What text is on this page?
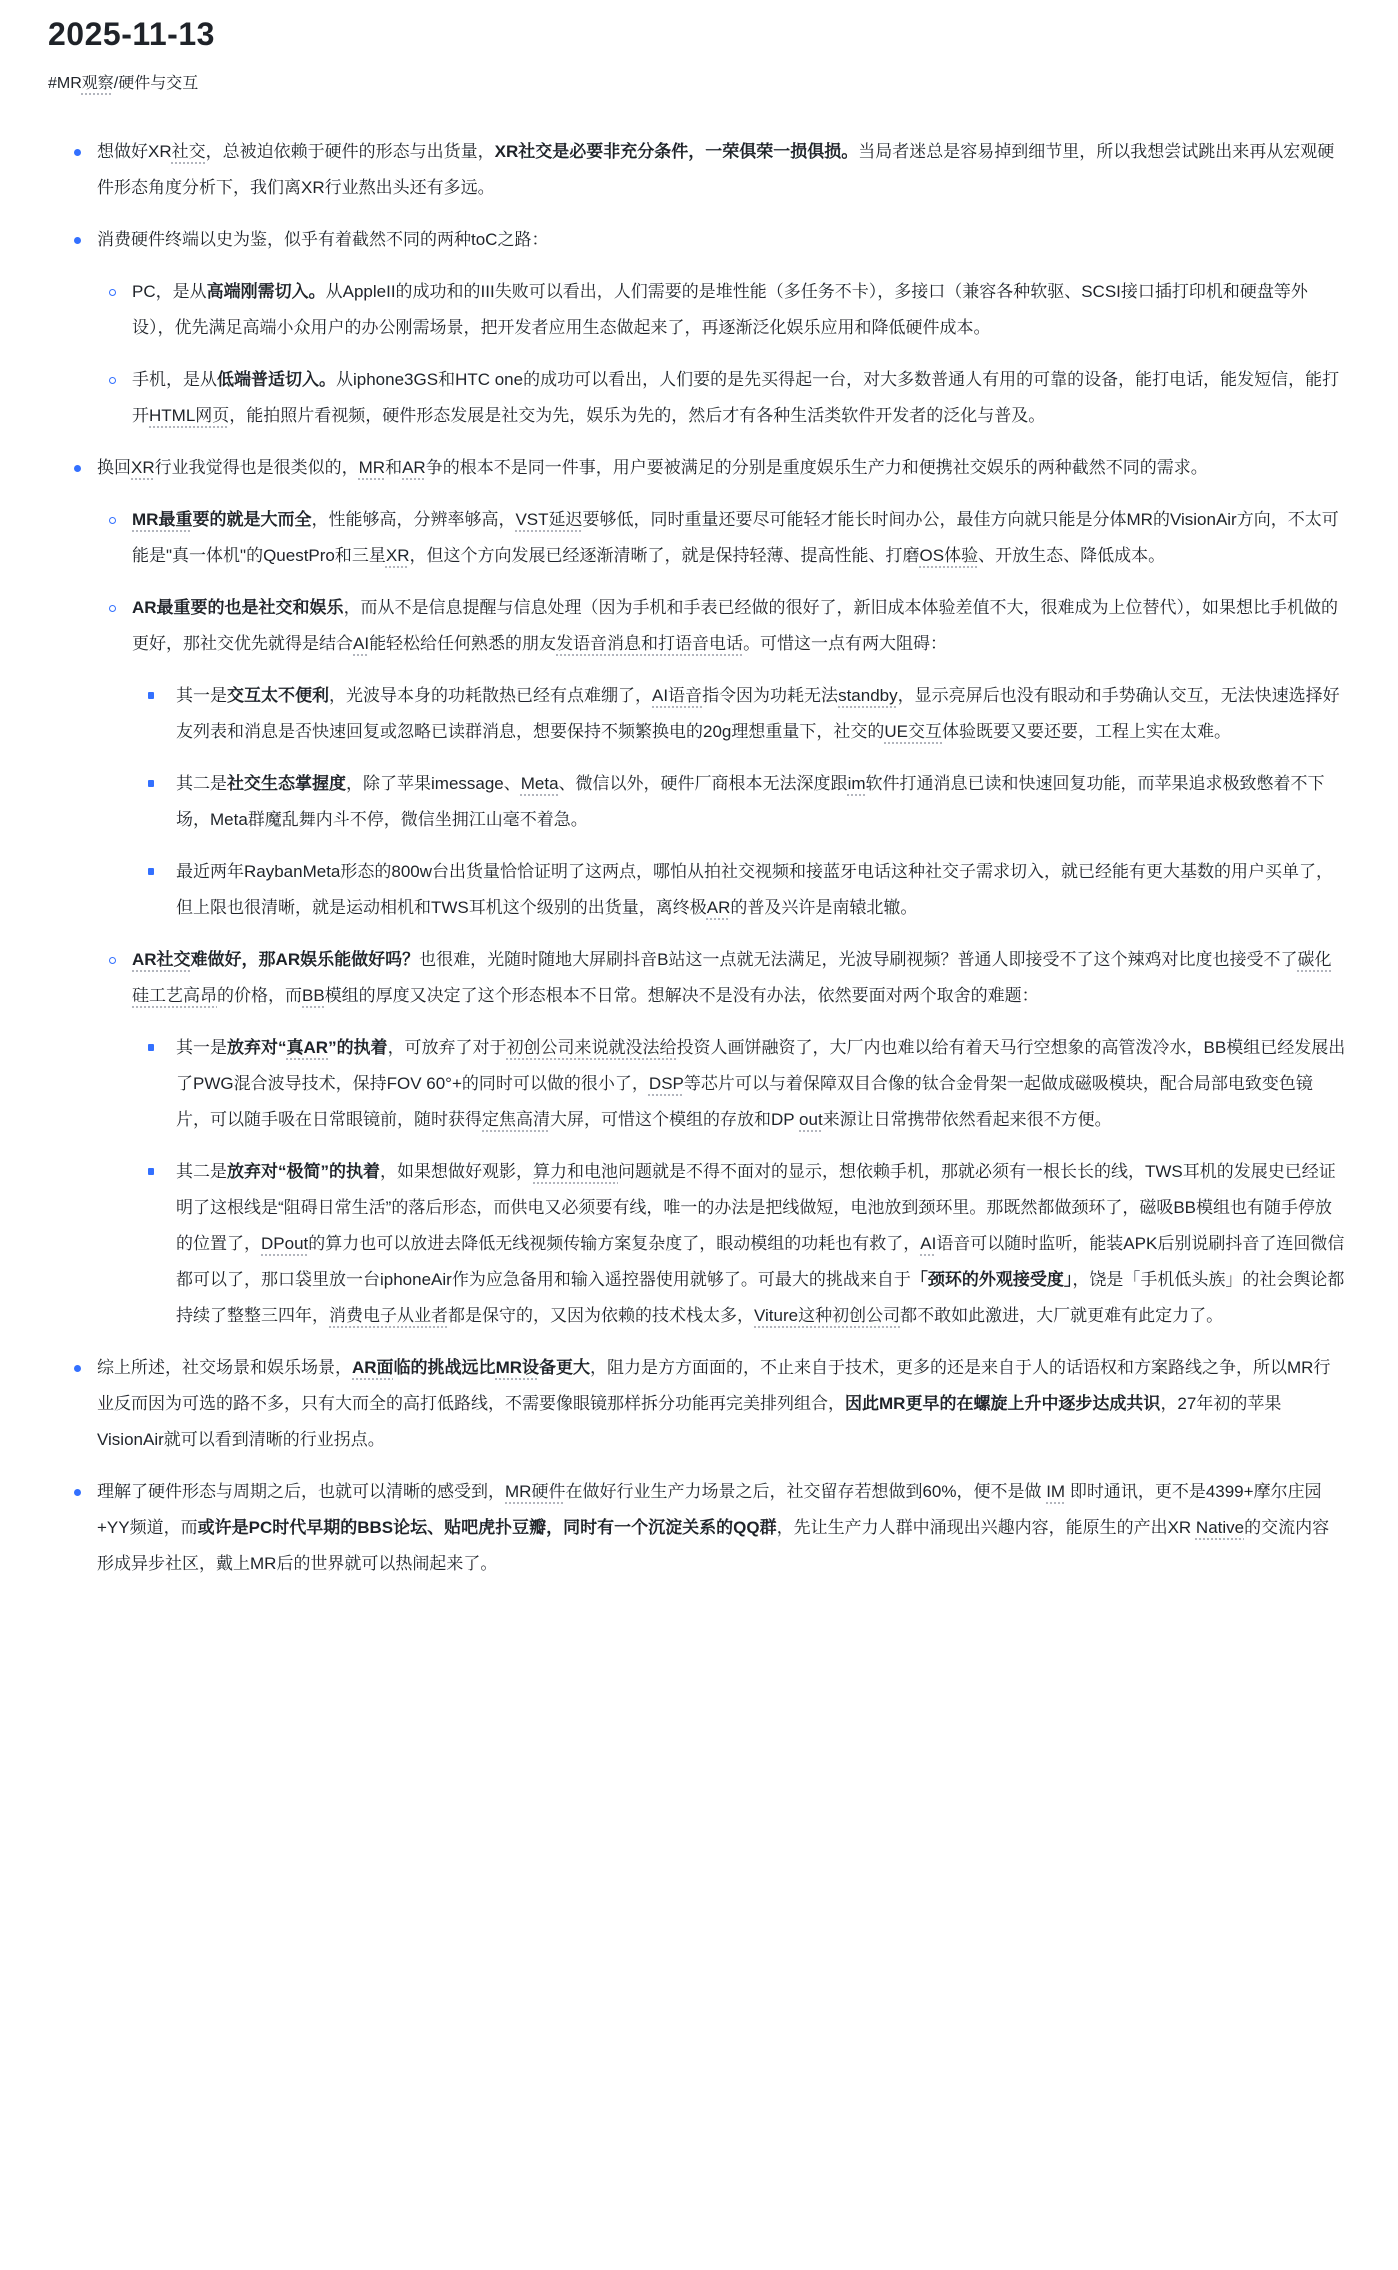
2025-11-13
#MR观察/硬件与交互
想做好XR社交，总被迫依赖于硬件的形态与出货量，XR社交是必要非充分条件，一荣俱荣一损俱损。当局者迷总是容易掉到细节里，所以我想尝试跳出来再从宏观硬件形态角度分析下，我们离XR行业熬出头还有多远。
消费硬件终端以史为鉴，似乎有着截然不同的两种toC之路：
PC，是从高端刚需切入。从AppleII的成功和的III失败可以看出，人们需要的是堆性能（多任务不卡），多接口（兼容各种软驱、SCSI接口插打印机和硬盘等外设），优先满足高端小众用户的办公刚需场景，把开发者应用生态做起来了，再逐渐泛化娱乐应用和降低硬件成本。
手机，是从低端普适切入。从iphone3GS和HTC one的成功可以看出，人们要的是先买得起一台，对大多数普通人有用的可靠的设备，能打电话，能发短信，能打开HTML网页，能拍照片看视频，硬件形态发展是社交为先，娱乐为先的，然后才有各种生活类软件开发者的泛化与普及。
换回XR行业我觉得也是很类似的，MR和AR争的根本不是同一件事，用户要被满足的分别是重度娱乐生产力和便携社交娱乐的两种截然不同的需求。
MR最重要的就是大而全，性能够高，分辨率够高，VST延迟要够低，同时重量还要尽可能轻才能长时间办公，最佳方向就只能是分体MR的VisionAir方向，不太可能是"真一体机"的QuestPro和三星XR，但这个方向发展已经逐渐清晰了，就是保持轻薄、提高性能、打磨OS体验、开放生态、降低成本。
AR最重要的也是社交和娱乐，而从不是信息提醒与信息处理（因为手机和手表已经做的很好了，新旧成本体验差值不大，很难成为上位替代），如果想比手机做的更好，那社交优先就得是结合AI能轻松给任何熟悉的朋友发语音消息和打语音电话。可惜这一点有两大阻碍：
其一是交互太不便利，光波导本身的功耗散热已经有点难绷了，AI语音指令因为功耗无法standby，显示亮屏后也没有眼动和手势确认交互，无法快速选择好友列表和消息是否快速回复或忽略已读群消息，想要保持不频繁换电的20g理想重量下，社交的UE交互体验既要又要还要，工程上实在太难。
其二是社交生态掌握度，除了苹果imessage、Meta、微信以外，硬件厂商根本无法深度跟im软件打通消息已读和快速回复功能，而苹果追求极致憋着不下场，Meta群魔乱舞内斗不停，微信坐拥江山毫不着急。
最近两年RaybanMeta形态的800w台出货量恰恰证明了这两点，哪怕从拍社交视频和接蓝牙电话这种社交子需求切入，就已经能有更大基数的用户买单了，但上限也很清晰，就是运动相机和TWS耳机这个级别的出货量，离终极AR的普及兴许是南辕北辙。
AR社交难做好，那AR娱乐能做好吗？也很难，光随时随地大屏刷抖音B站这一点就无法满足，光波导刷视频？普通人即接受不了这个辣鸡对比度也接受不了碳化硅工艺高昂的价格，而BB模组的厚度又决定了这个形态根本不日常。想解决不是没有办法，依然要面对两个取舍的难题：
其一是放弃对“真AR”的执着，可放弃了对于初创公司来说就没法给投资人画饼融资了，大厂内也难以给有着天马行空想象的高管泼冷水，BB模组已经发展出了PWG混合波导技术，保持FOV 60°+的同时可以做的很小了，DSP等芯片可以与着保障双目合像的钛合金骨架一起做成磁吸模块，配合局部电致变色镜片，可以随手吸在日常眼镜前，随时获得定焦高清大屏，可惜这个模组的存放和DP out来源让日常携带依然看起来很不方便。
其二是放弃对“极简”的执着，如果想做好观影，算力和电池问题就是不得不面对的显示，想依赖手机，那就必须有一根长长的线，TWS耳机的发展史已经证明了这根线是“阻碍日常生活”的落后形态，而供电又必须要有线，唯一的办法是把线做短，电池放到颈环里。那既然都做颈环了，磁吸BB模组也有随手停放的位置了，DPout的算力也可以放进去降低无线视频传输方案复杂度了，眼动模组的功耗也有救了，AI语音可以随时监听，能装APK后别说刷抖音了连回微信都可以了，那口袋里放一台iphoneAir作为应急备用和输入遥控器使用就够了。可最大的挑战来自于「颈环的外观接受度」，饶是「手机低头族」的社会舆论都持续了整整三四年，消费电子从业者都是保守的，又因为依赖的技术栈太多，Viture这种初创公司都不敢如此激进，大厂就更难有此定力了。
综上所述，社交场景和娱乐场景，AR面临的挑战远比MR设备更大，阻力是方方面面的，不止来自于技术，更多的还是来自于人的话语权和方案路线之争，所以MR行业反而因为可选的路不多，只有大而全的高打低路线，不需要像眼镜那样拆分功能再完美排列组合，因此MR更早的在螺旋上升中逐步达成共识，27年初的苹果VisionAir就可以看到清晰的行业拐点。
理解了硬件形态与周期之后，也就可以清晰的感受到，MR硬件在做好行业生产力场景之后，社交留存若想做到60%，便不是做 IM 即时通讯，更不是4399+摩尔庄园+YY频道，而或许是PC时代早期的BBS论坛、贴吧虎扑豆瓣，同时有一个沉淀关系的QQ群，先让生产力人群中涌现出兴趣内容，能原生的产出XR Native的交流内容形成异步社区，戴上MR后的世界就可以热闹起来了。
